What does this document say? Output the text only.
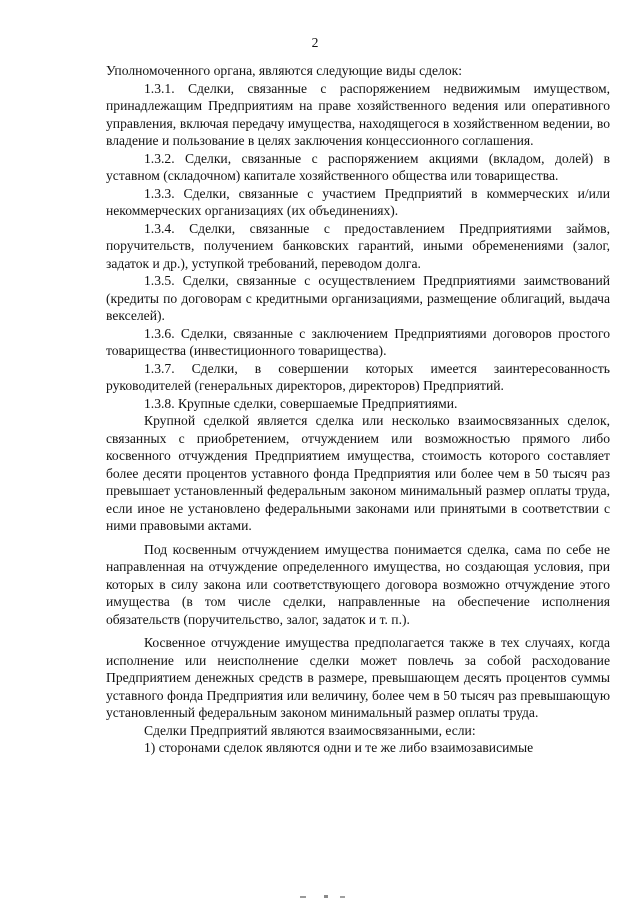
2

Уполномоченного органа, являются следующие виды сделок:

1.3.1. Сделки, связанные с распоряжением недвижимым имуществом, принадлежащим Предприятиям на праве хозяйственного ведения или оперативного управления, включая передачу имущества, находящегося в хозяйственном ведении, во владение и пользование в целях заключения концессионного соглашения.

1.3.2. Сделки, связанные с распоряжением акциями (вкладом, долей) в уставном (складочном) капитале хозяйственного общества или товарищества.

1.3.3. Сделки, связанные с участием Предприятий в коммерческих и/или некоммерческих организациях (их объединениях).

1.3.4. Сделки, связанные с предоставлением Предприятиями займов, поручительств, получением банковских гарантий, иными обременениями (залог, задаток и др.), уступкой требований, переводом долга.

1.3.5. Сделки, связанные с осуществлением Предприятиями заимствований (кредиты по договорам с кредитными организациями, размещение облигаций, выдача векселей).

1.3.6. Сделки, связанные с заключением Предприятиями договоров простого товарищества (инвестиционного товарищества).

1.3.7. Сделки, в совершении которых имеется заинтересованность руководителей (генеральных директоров, директоров) Предприятий.

1.3.8. Крупные сделки, совершаемые Предприятиями.

Крупной сделкой является сделка или несколько взаимосвязанных сделок, связанных с приобретением, отчуждением или возможностью прямого либо косвенного отчуждения Предприятием имущества, стоимость которого составляет более десяти процентов уставного фонда Предприятия или более чем в 50 тысяч раз превышает установленный федеральным законом минимальный размер оплаты труда, если иное не установлено федеральными законами или принятыми в соответствии с ними правовыми актами.

Под косвенным отчуждением имущества понимается сделка, сама по себе не направленная на отчуждение определенного имущества, но создающая условия, при которых в силу закона или соответствующего договора возможно отчуждение этого имущества (в том числе сделки, направленные на обеспечение исполнения обязательств (поручительство, залог, задаток и т. п.).

Косвенное отчуждение имущества предполагается также в тех случаях, когда исполнение или неисполнение сделки может повлечь за собой расходование Предприятием денежных средств в размере, превышающем десять процентов суммы уставного фонда Предприятия или величину, более чем в 50 тысяч раз превышающую установленный федеральным законом минимальный размер оплаты труда.

Сделки Предприятий являются взаимосвязанными, если:

1) сторонами сделок являются одни и те же либо взаимозависимые
